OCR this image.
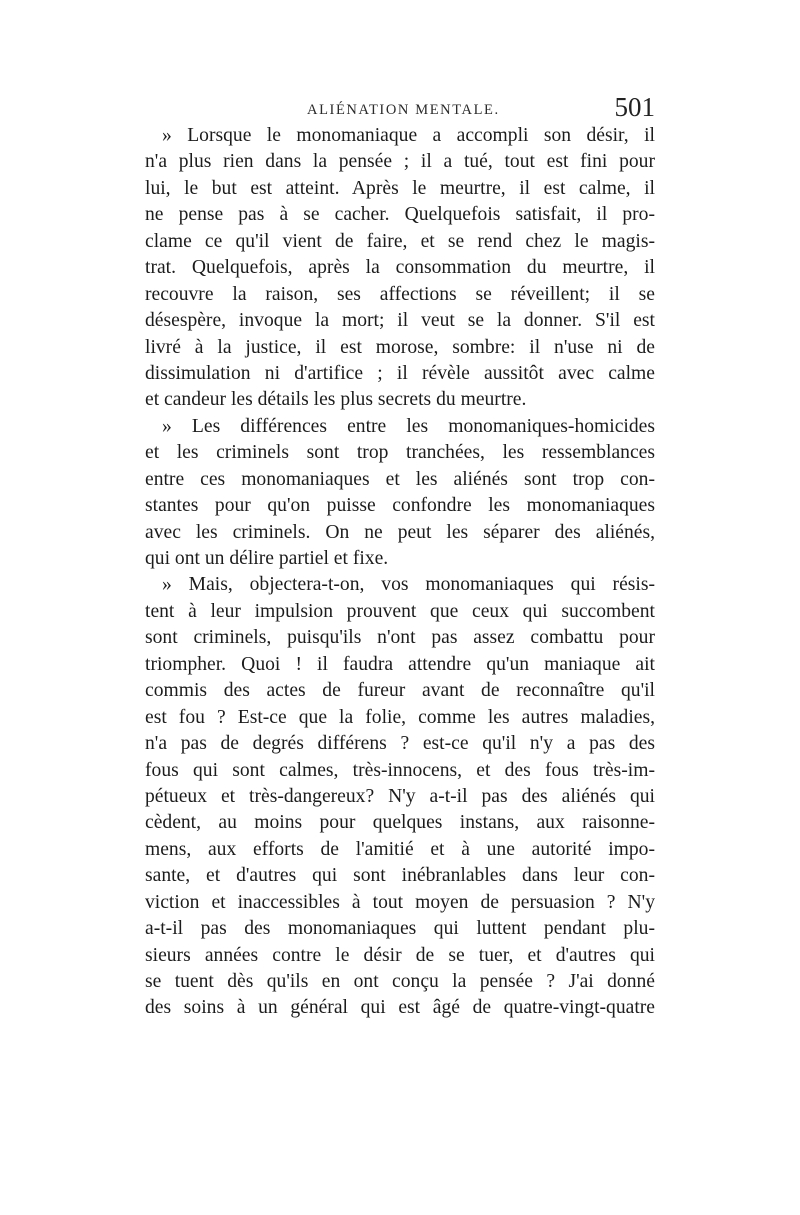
ALIÉNATION MENTALE.	501
» Lorsque le monomaniaque a accompli son désir, il
n'a plus rien dans la pensée ; il a tué, tout est fini pour
lui, le but est atteint. Après le meurtre, il est calme, il
ne pense pas à se cacher. Quelquefois satisfait, il pro-
clame ce qu'il vient de faire, et se rend chez le magis-
trat. Quelquefois, après la consommation du meurtre, il
recouvre la raison, ses affections se réveillent; il se
désespère, invoque la mort; il veut se la donner. S'il est
livré à la justice, il est morose, sombre: il n'use ni de
dissimulation ni d'artifice ; il révèle aussitôt avec calme
et candeur les détails les plus secrets du meurtre.
» Les différences entre les monomaniques-homicides
et les criminels sont trop tranchées, les ressemblances
entre ces monomaniaques et les aliénés sont trop con-
stantes pour qu'on puisse confondre les monomaniaques
avec les criminels. On ne peut les séparer des aliénés,
qui ont un délire partiel et fixe.
» Mais, objectera-t-on, vos monomaniaques qui résis-
tent à leur impulsion prouvent que ceux qui succombent
sont criminels, puisqu'ils n'ont pas assez combattu pour
triompher. Quoi ! il faudra attendre qu'un maniaque ait
commis des actes de fureur avant de reconnaître qu'il
est fou ? Est-ce que la folie, comme les autres maladies,
n'a pas de degrés différens ? est-ce qu'il n'y a pas des
fous qui sont calmes, très-innocens, et des fous très-im-
pétueux et très-dangereux? N'y a-t-il pas des aliénés qui
cèdent, au moins pour quelques instans, aux raisonne-
mens, aux efforts de l'amitié et à une autorité impo-
sante, et d'autres qui sont inébranlables dans leur con-
viction et inaccessibles à tout moyen de persuasion ? N'y
a-t-il pas des monomaniaques qui luttent pendant plu-
sieurs années contre le désir de se tuer, et d'autres qui
se tuent dès qu'ils en ont conçu la pensée ? J'ai donné
des soins à un général qui est âgé de quatre-vingt-quatre
